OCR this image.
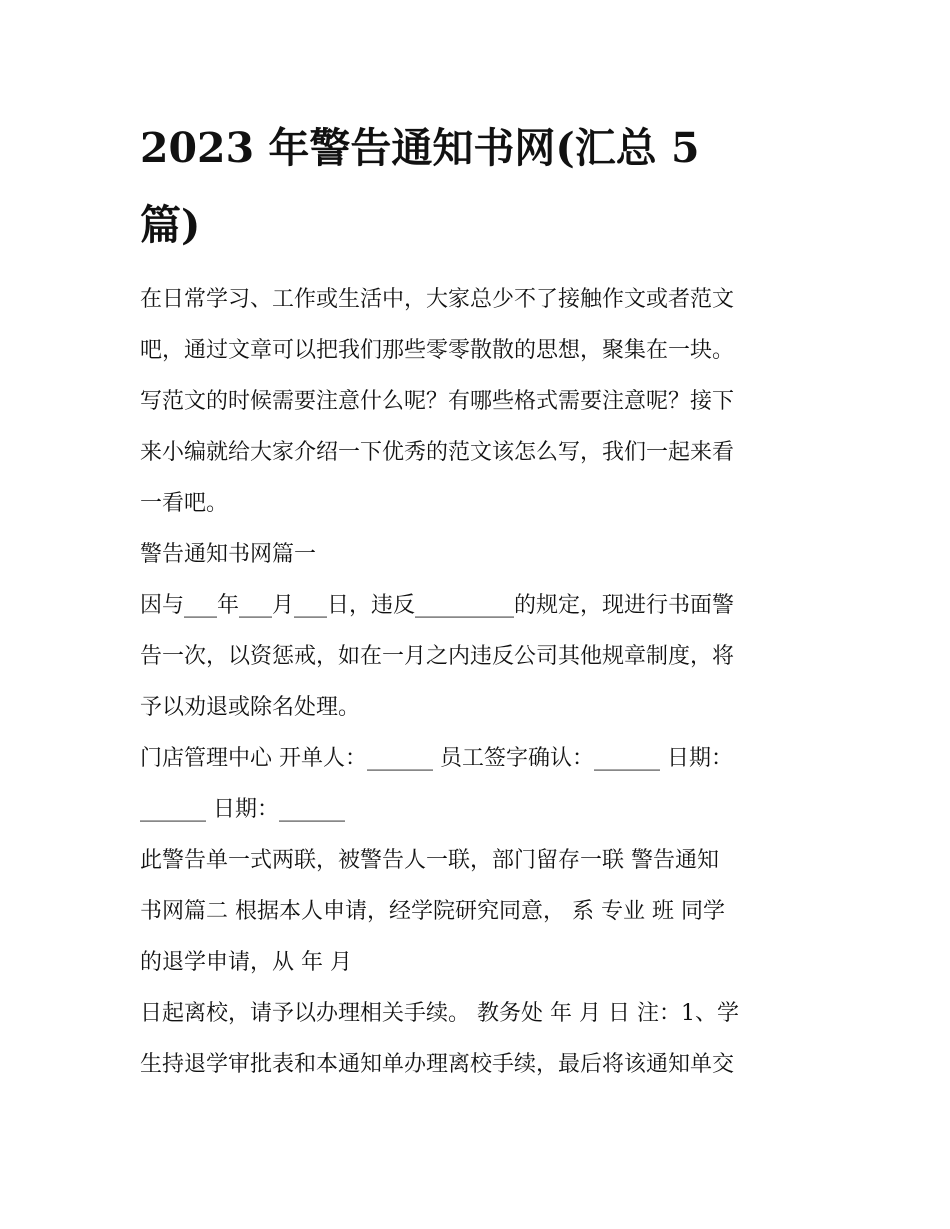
2023 年警告通知书网(汇总 5
篇)

在日常学习、工作或生活中，大家总少不了接触作文或者范文
吧，通过文章可以把我们那些零零散散的思想，聚集在一块。
写范文的时候需要注意什么呢？有哪些格式需要注意呢？接下
来小编就给大家介绍一下优秀的范文该怎么写，我们一起来看
一看吧。

警告通知书网篇一

因与___年___月___日，违反_________的规定，现进行书面警
告一次，以资惩戒，如在一月之内违反公司其他规章制度，将
予以劝退或除名处理。

门店管理中心 开单人：______ 员工签字确认：______ 日期：
______ 日期：______

此警告单一式两联，被警告人一联，部门留存一联 警告通知
书网篇二 根据本人申请，经学院研究同意， 系 专业 班 同学
的退学申请，从 年 月

日起离校，请予以办理相关手续。 教务处 年 月 日 注：1、学
生持退学审批表和本通知单办理离校手续，最后将该通知单交
